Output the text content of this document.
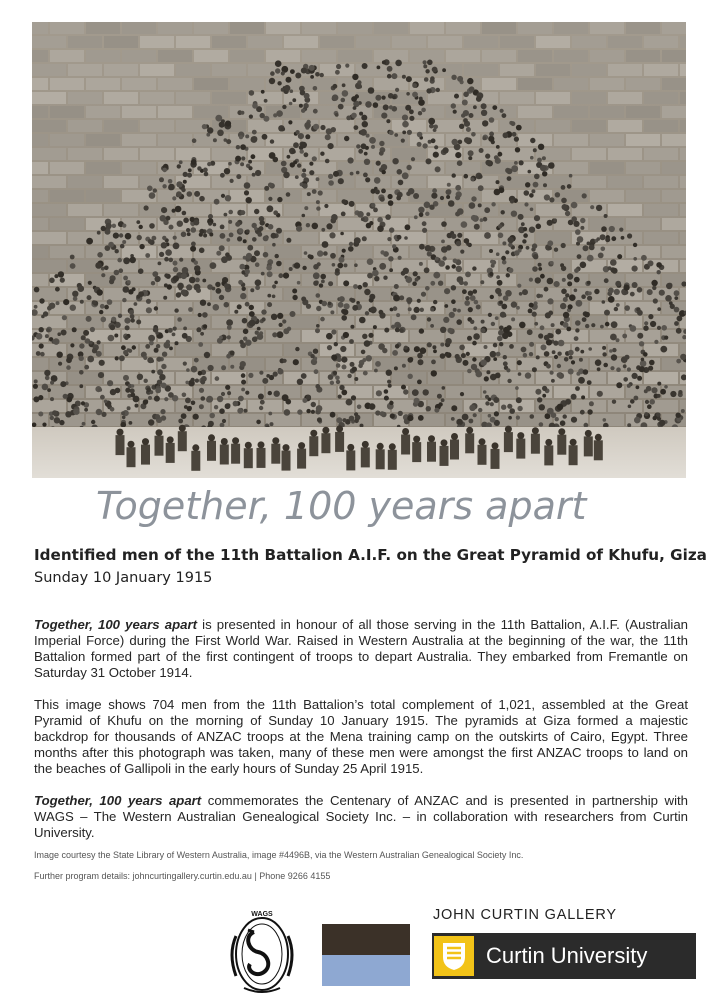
Together, 100 years apart
Identified men of the 11th Battalion A.I.F. on the Great Pyramid of Khufu, Giza
Sunday 10 January 1915

Together, 100 years apart is presented in honour of all those serving in the 11th Battalion, A.I.F. (Australian Imperial Force) during the First World War. Raised in Western Australia at the beginning of the war, the 11th Battalion formed part of the first contingent of troops to depart Australia. They embarked from Fremantle on Saturday 31 October 1914.

This image shows 704 men from the 11th Battalion’s total complement of 1,021, assembled at the Great Pyramid of Khufu on the morning of Sunday 10 January 1915. The pyramids at Giza formed a majestic backdrop for thousands of ANZAC troops at the Mena training camp on the outskirts of Cairo, Egypt. Three months after this photograph was taken, many of these men were amongst the first ANZAC troops to land on the beaches of Gallipoli in the early hours of Sunday 25 April 1915.

Together, 100 years apart commemorates the Centenary of ANZAC and is presented in partnership with WAGS – The Western Australian Genealogical Society Inc. – in collaboration with researchers from Curtin University.

Image courtesy the State Library of Western Australia, image #4496B, via the Western Australian Genealogical Society Inc.
Further program details: johncurtingallery.curtin.edu.au | Phone 9266 4155
WAGS	JOHN CURTIN GALLERY
Curtin University
